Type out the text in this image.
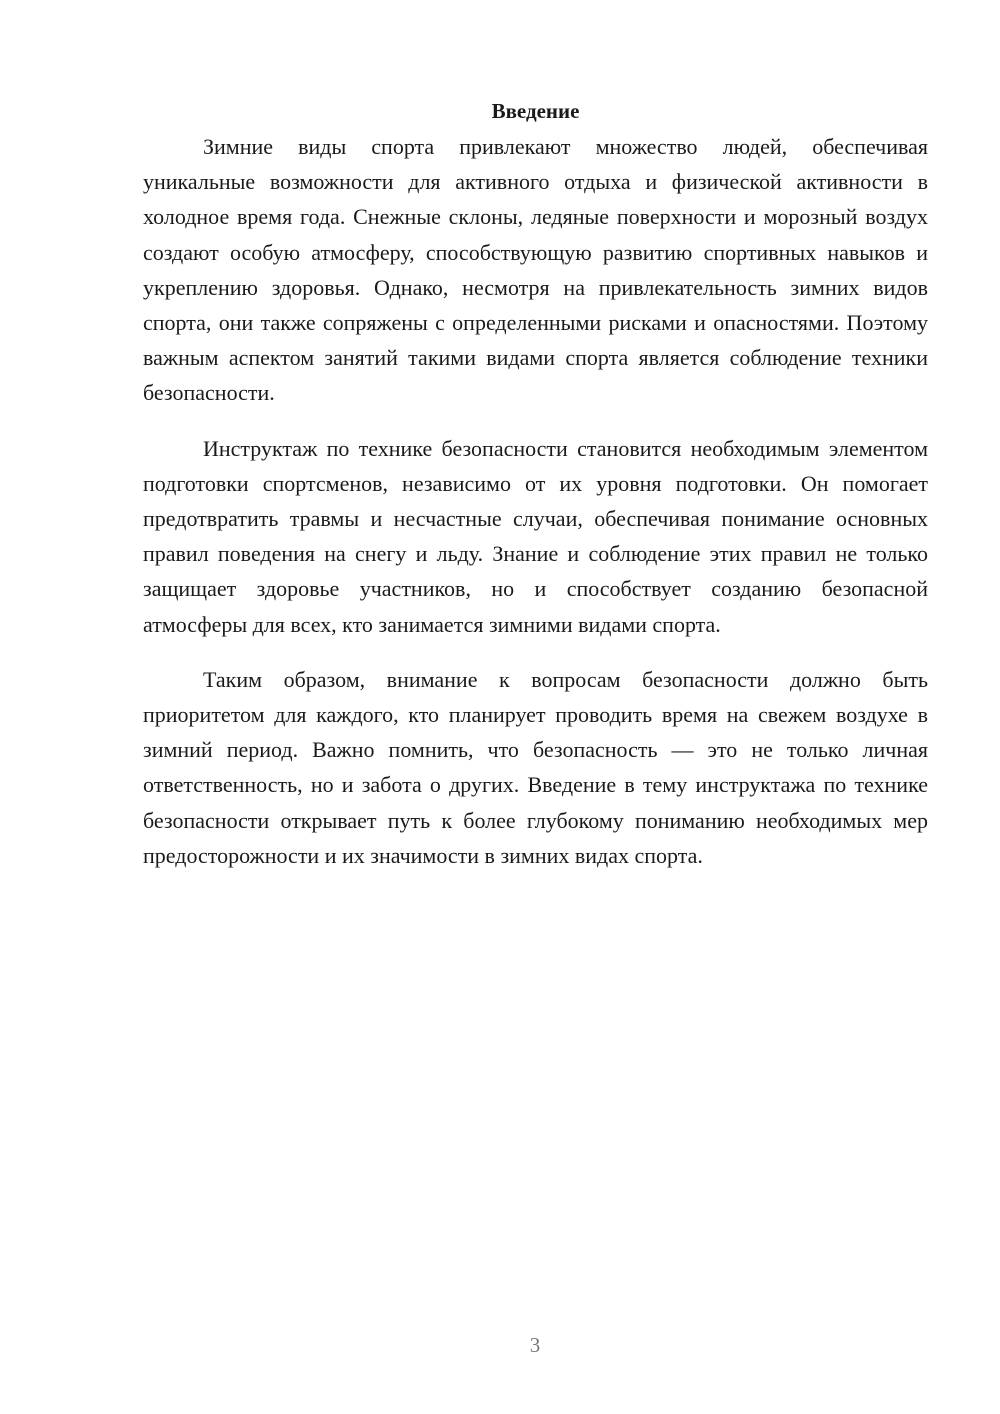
Введение

Зимние виды спорта привлекают множество людей, обеспечивая уникальные возможности для активного отдыха и физической активности в холодное время года. Снежные склоны, ледяные поверхности и морозный воздух создают особую атмосферу, способствующую развитию спортивных навыков и укреплению здоровья. Однако, несмотря на привлекательность зимних видов спорта, они также сопряжены с определенными рисками и опасностями. Поэтому важным аспектом занятий такими видами спорта является соблюдение техники безопасности.

Инструктаж по технике безопасности становится необходимым элементом подготовки спортсменов, независимо от их уровня подготовки. Он помогает предотвратить травмы и несчастные случаи, обеспечивая понимание основных правил поведения на снегу и льду. Знание и соблюдение этих правил не только защищает здоровье участников, но и способствует созданию безопасной атмосферы для всех, кто занимается зимними видами спорта.

Таким образом, внимание к вопросам безопасности должно быть приоритетом для каждого, кто планирует проводить время на свежем воздухе в зимний период. Важно помнить, что безопасность — это не только личная ответственность, но и забота о других. Введение в тему инструктажа по технике безопасности открывает путь к более глубокому пониманию необходимых мер предосторожности и их значимости в зимних видах спорта.

3
